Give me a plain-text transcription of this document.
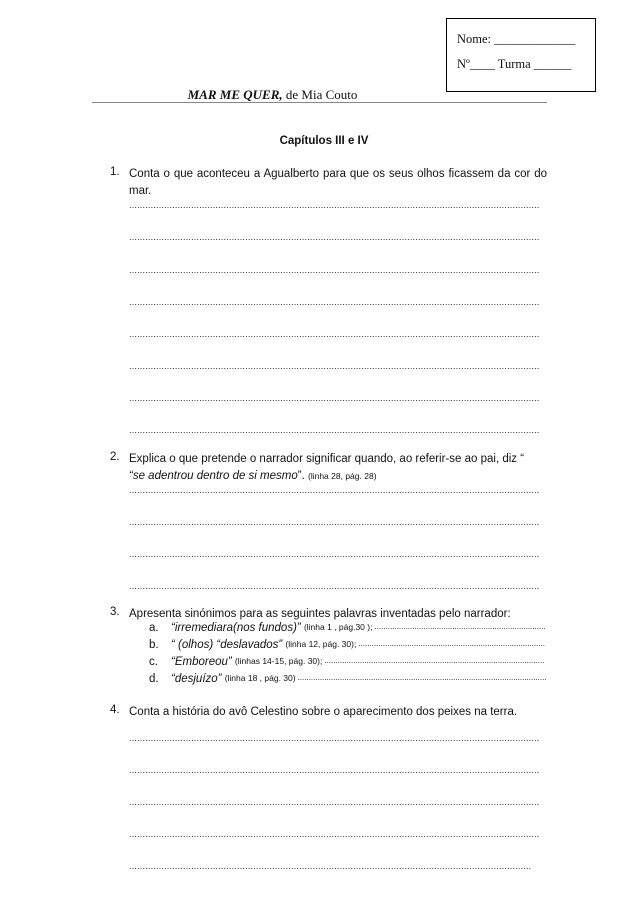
Nome: _____________
Nº____ Turma ______
MAR ME QUER, de Mia Couto
Capítulos III e IV
1. Conta o que aconteceu a Agualberto para que os seus olhos ficassem da cor do mar.
.....
.....
.....
.....
.....
.....
.....
.....
2. Explica o que pretende o narrador significar quando, ao referir-se ao pai, diz “
“se adentrou dentro de si mesmo”. (linha 28, pág. 28)
.....
.....
.....
.....
3. Apresenta sinónimos para as seguintes palavras inventadas pelo narrador:
a.	“irremediara(nos fundos)”
(linha 1 , pág.30 );
.....
b.	“ (olhos) “deslavados”
(linha 12, pág. 30);
.....
c.	“Emboreou”
(linhas 14-15, pág. 30);
.....
d.	“desjuízo”
(linha 18 , pág. 30)
.....
4. Conta a história do avô Celestino sobre o aparecimento dos peixes na terra.
.....
.....
.....
.....
.....
